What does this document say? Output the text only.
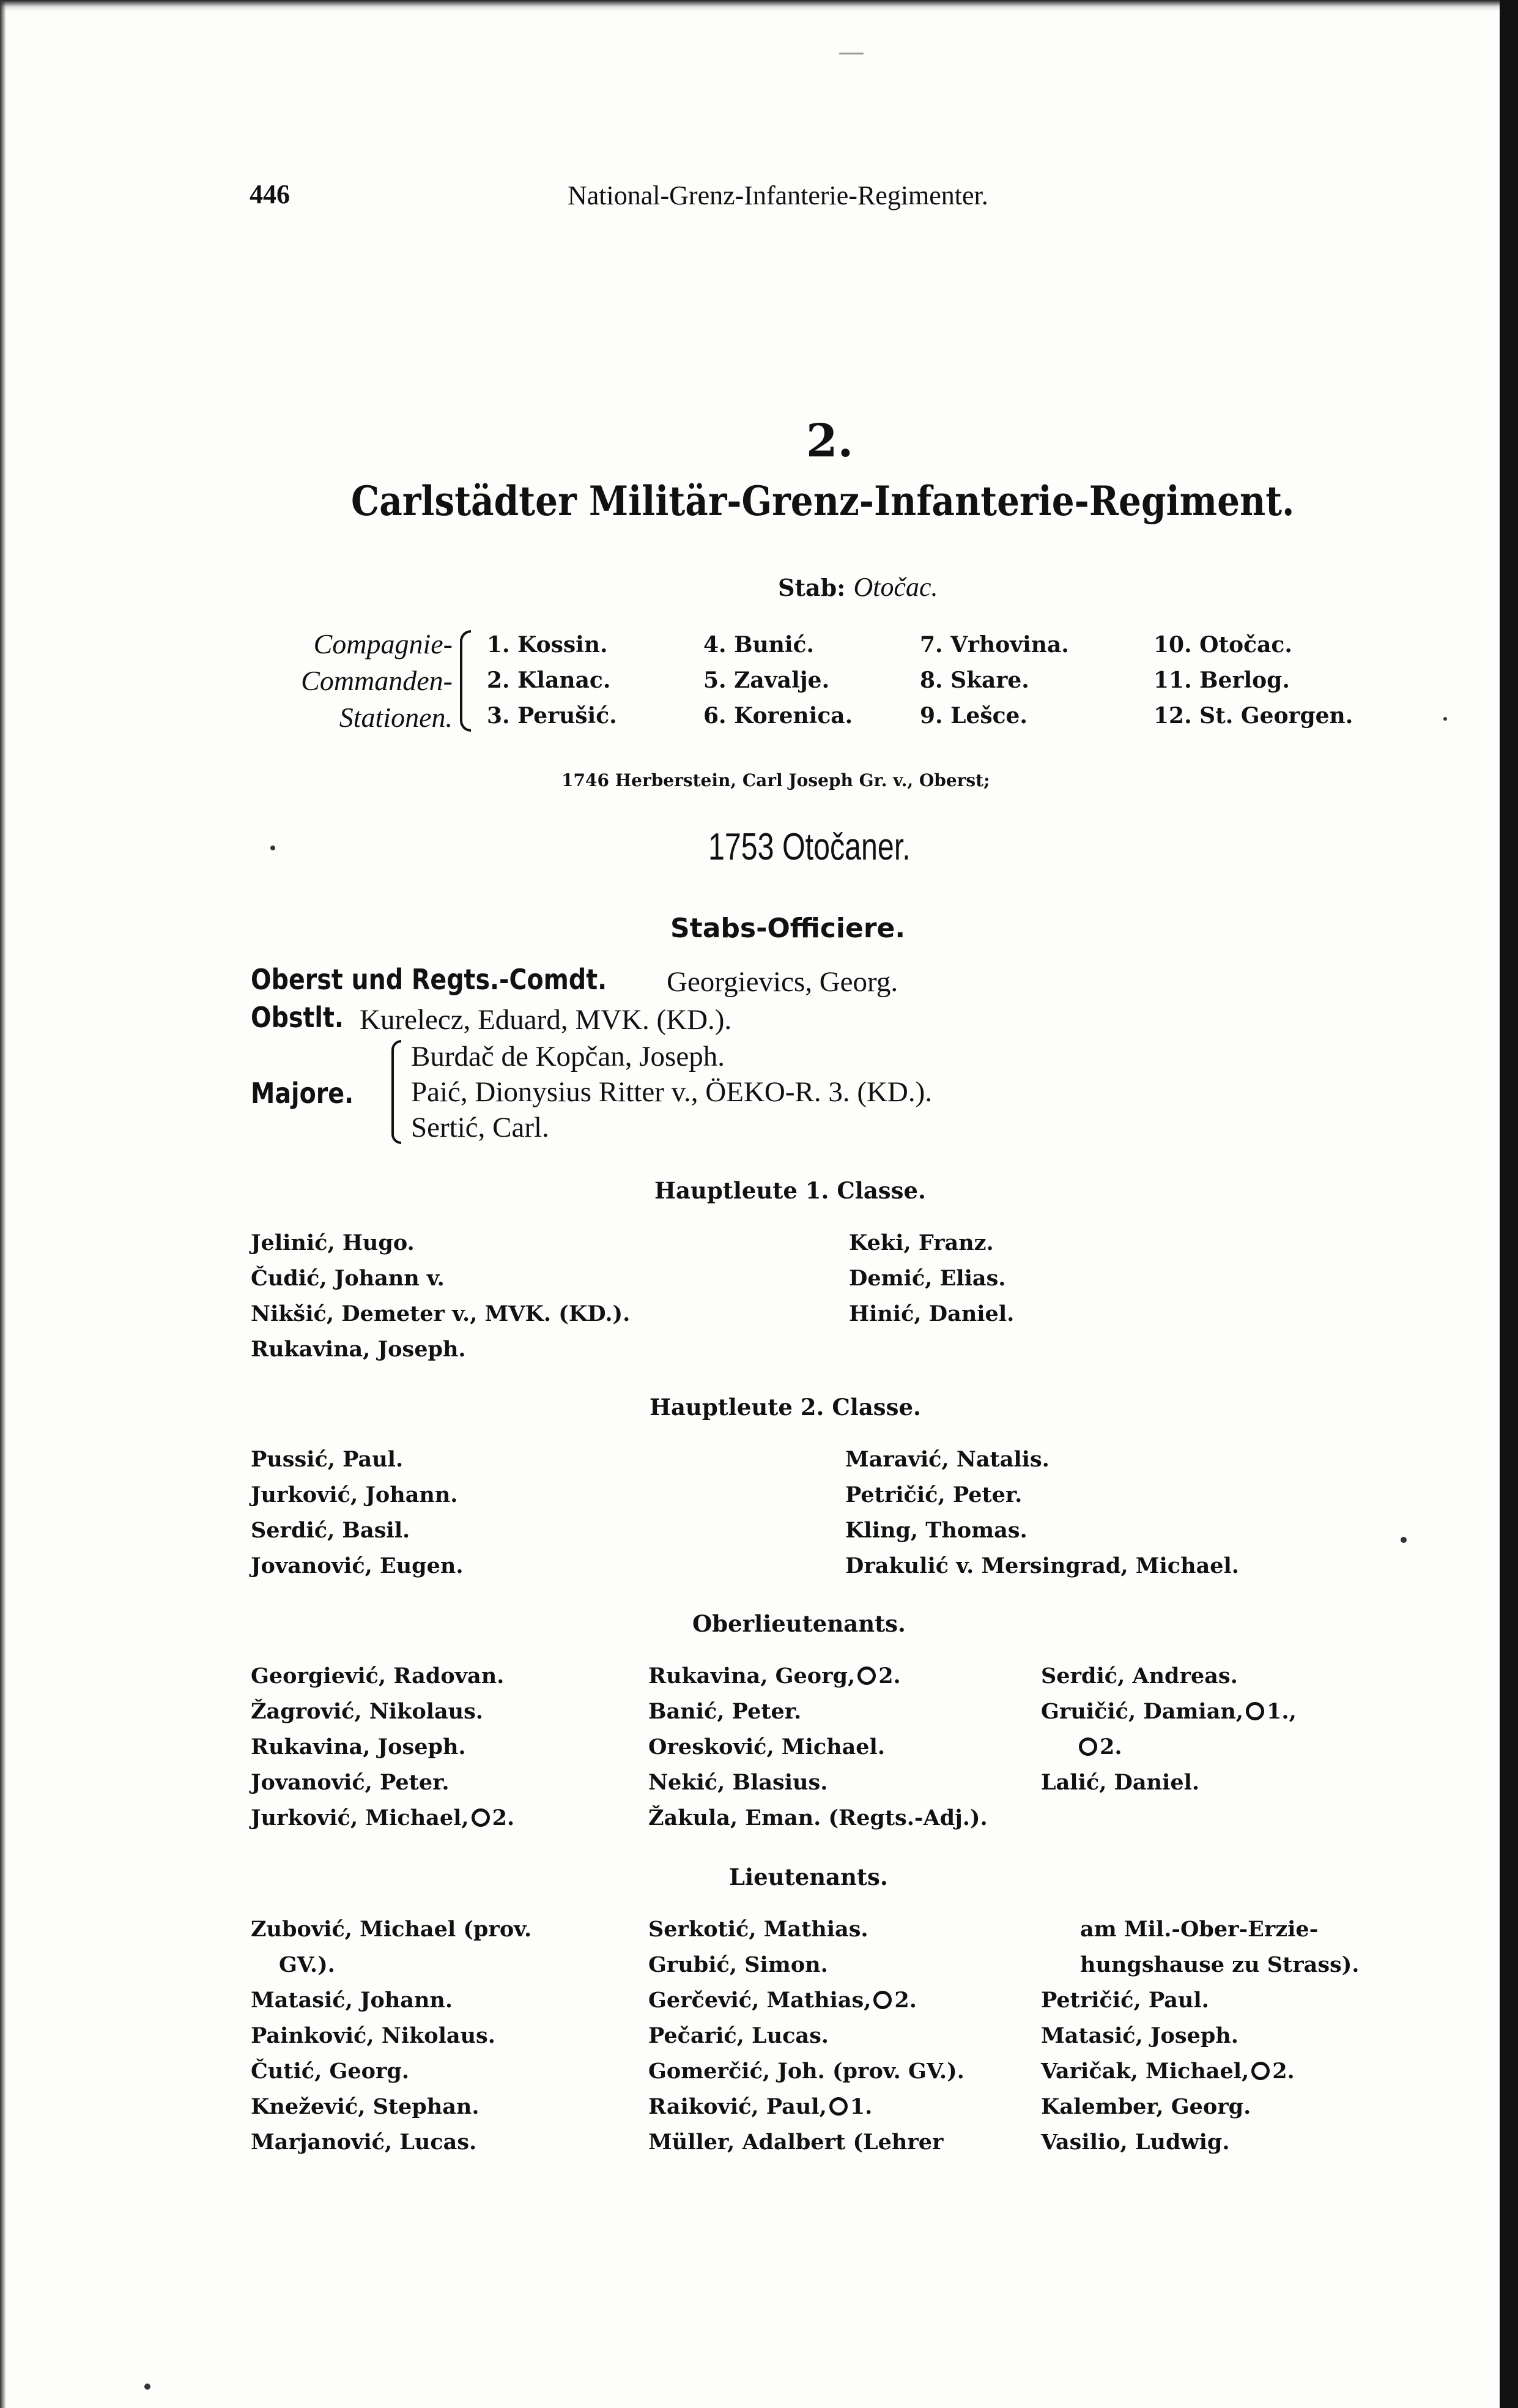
446	National-Grenz-Infanterie-Regimenter.
2.
Carlstädter Militär-Grenz-Infanterie-Regiment.
Stab: Otočac.
Compagnie-
Commanden-
Stationen.
1. Kossin.
2. Klanac.
3. Perušić.
4. Bunić.
5. Zavalje.
6. Korenica.
7. Vrhovina.
8. Skare.
9. Lešce.
10. Otočac.
11. Berlog.
12. St. Georgen.
1746 Herberstein, Carl Joseph Gr. v., Oberst;
1753 Otočaner.
Stabs-Officiere.
Oberst und Regts.-Comdt. Georgievics, Georg.
Obstlt. Kurelecz, Eduard, MVK. (KD.).
Majore.
Burdač de Kopčan, Joseph.
Paić, Dionysius Ritter v., ÖEKO-R. 3. (KD.).
Sertić, Carl.
Hauptleute 1. Classe.
Jelinić, Hugo.
Čudić, Johann v.
Nikšić, Demeter v., MVK. (KD.).
Rukavina, Joseph.
Keki, Franz.
Demić, Elias.
Hinić, Daniel.
Hauptleute 2. Classe.
Pussić, Paul.
Jurković, Johann.
Serdić, Basil.
Jovanović, Eugen.
Maravić, Natalis.
Petričić, Peter.
Kling, Thomas.
Drakulić v. Mersingrad, Michael.
Oberlieutenants.
Georgiević, Radovan.
Žagrović, Nikolaus.
Rukavina, Joseph.
Jovanović, Peter.
Jurković, Michael, 2.
Rukavina, Georg, 2.
Banić, Peter.
Oresković, Michael.
Nekić, Blasius.
Žakula, Eman. (Regts.-Adj.).
Serdić, Andreas.
Gruičić, Damian, 1.,
2.
Lalić, Daniel.
Lieutenants.
Zubović, Michael (prov.
GV.).
Matasić, Johann.
Painković, Nikolaus.
Čutić, Georg.
Knežević, Stephan.
Marjanović, Lucas.
Serkotić, Mathias.
Grubić, Simon.
Gerčević, Mathias, 2.
Pečarić, Lucas.
Gomerčić, Joh. (prov. GV.).
Raiković, Paul, 1.
Müller, Adalbert (Lehrer
am Mil.-Ober-Erzie-
hungshause zu Strass).
Petričić, Paul.
Matasić, Joseph.
Varičak, Michael, 2.
Kalember, Georg.
Vasilio, Ludwig.
